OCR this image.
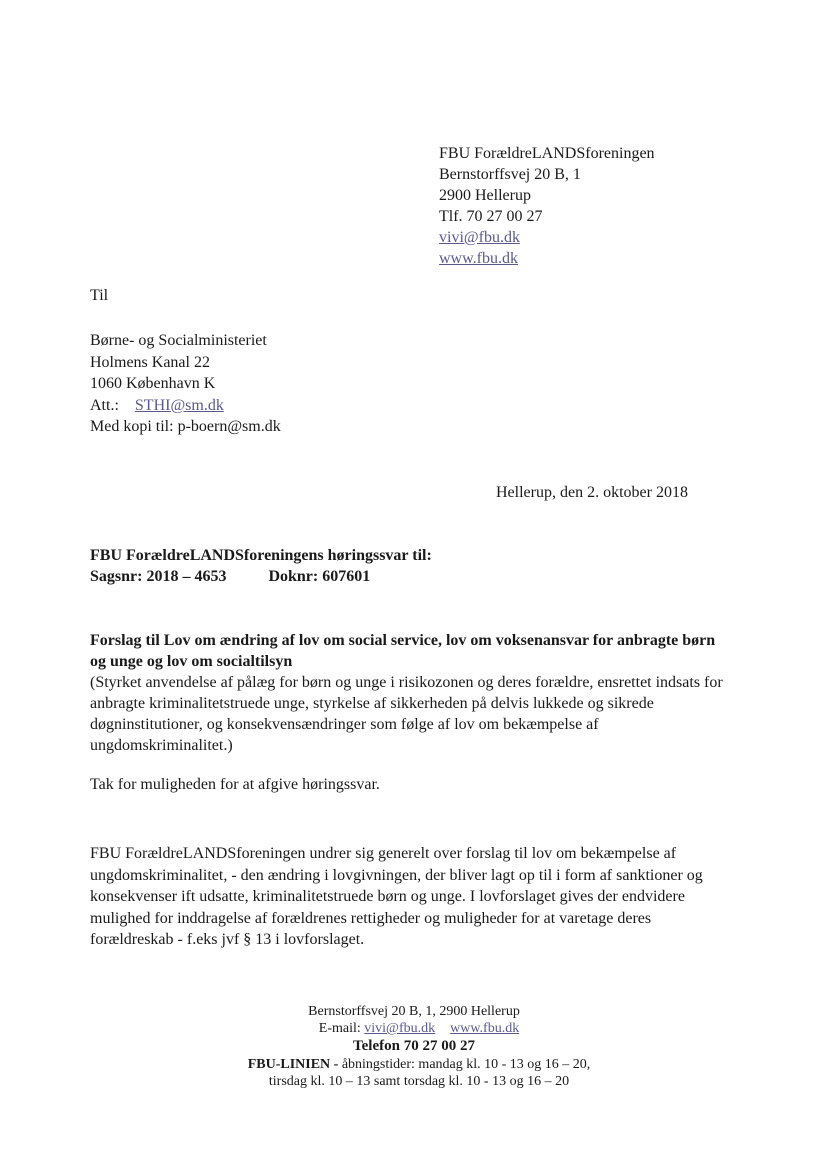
FBU ForældreLANDSforeningen
Bernstorffsvej 20 B, 1
2900 Hellerup
Tlf. 70 27 00 27
vivi@fbu.dk
www.fbu.dk
Til
Børne- og Socialministeriet
Holmens Kanal 22
1060 København K
Att.: STHI@sm.dk
Med kopi til: p-boern@sm.dk
Hellerup, den 2. oktober 2018
FBU ForældreLANDSforeningens høringssvar til:
Sagsnr: 2018 – 4653	Doknr: 607601
Forslag til Lov om ændring af lov om social service, lov om voksenansvar for anbragte børn
og unge og lov om socialtilsyn
(Styrket anvendelse af pålæg for børn og unge i risikozonen og deres forældre, ensrettet indsats for
anbragte kriminalitetstruede unge, styrkelse af sikkerheden på delvis lukkede og sikrede
døgninstitutioner, og konsekvensændringer som følge af lov om bekæmpelse af
ungdomskriminalitet.)
Tak for muligheden for at afgive høringssvar.
FBU ForældreLANDSforeningen undrer sig generelt over forslag til lov om bekæmpelse af
ungdomskriminalitet, - den ændring i lovgivningen, der bliver lagt op til i form af sanktioner og
konsekvenser ift udsatte, kriminalitetstruede børn og unge. I lovforslaget gives der endvidere
mulighed for inddragelse af forældrenes rettigheder og muligheder for at varetage deres
forældreskab - f.eks jvf § 13 i lovforslaget.
Bernstorffsvej 20 B, 1, 2900 Hellerup
E-mail: vivi@fbu.dk www.fbu.dk
Telefon 70 27 00 27
FBU-LINIEN - åbningstider: mandag kl. 10 - 13 og 16 – 20,
tirsdag kl. 10 – 13 samt torsdag kl. 10 - 13 og 16 – 20
